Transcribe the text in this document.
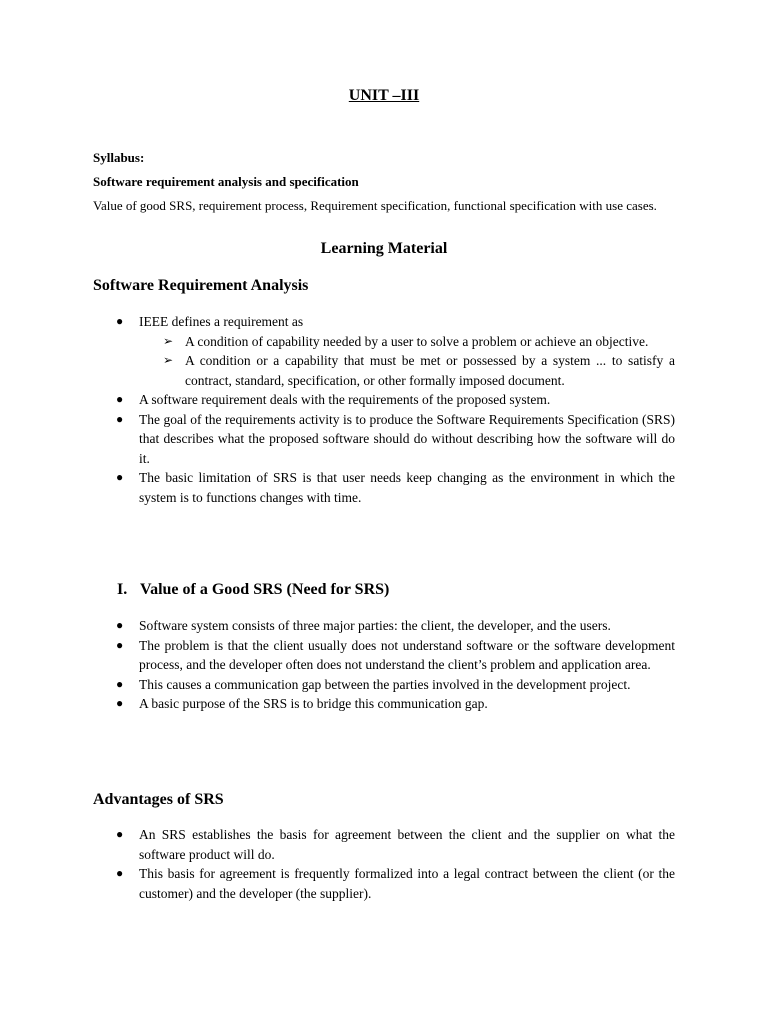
UNIT –III
Syllabus:
Software requirement analysis and specification
Value of good SRS, requirement process, Requirement specification, functional specification with use cases.
Learning Material
Software Requirement Analysis
● IEEE defines a requirement as
➢ A condition of capability needed by a user to solve a problem or achieve an objective.
➢ A condition or a capability that must be met or possessed by a system ... to satisfy a contract, standard, specification, or other formally imposed document.
● A software requirement deals with the requirements of the proposed system.
● The goal of the requirements activity is to produce the Software Requirements Specification (SRS) that describes what the proposed software should do without describing how the software will do it.
● The basic limitation of SRS is that user needs keep changing as the environment in which the system is to functions changes with time.
I. Value of a Good SRS (Need for SRS)
● Software system consists of three major parties: the client, the developer, and the users.
● The problem is that the client usually does not understand software or the software development process, and the developer often does not understand the client’s problem and application area.
● This causes a communication gap between the parties involved in the development project.
● A basic purpose of the SRS is to bridge this communication gap.
Advantages of SRS
● An SRS establishes the basis for agreement between the client and the supplier on what the software product will do.
● This basis for agreement is frequently formalized into a legal contract between the client (or the customer) and the developer (the supplier).
